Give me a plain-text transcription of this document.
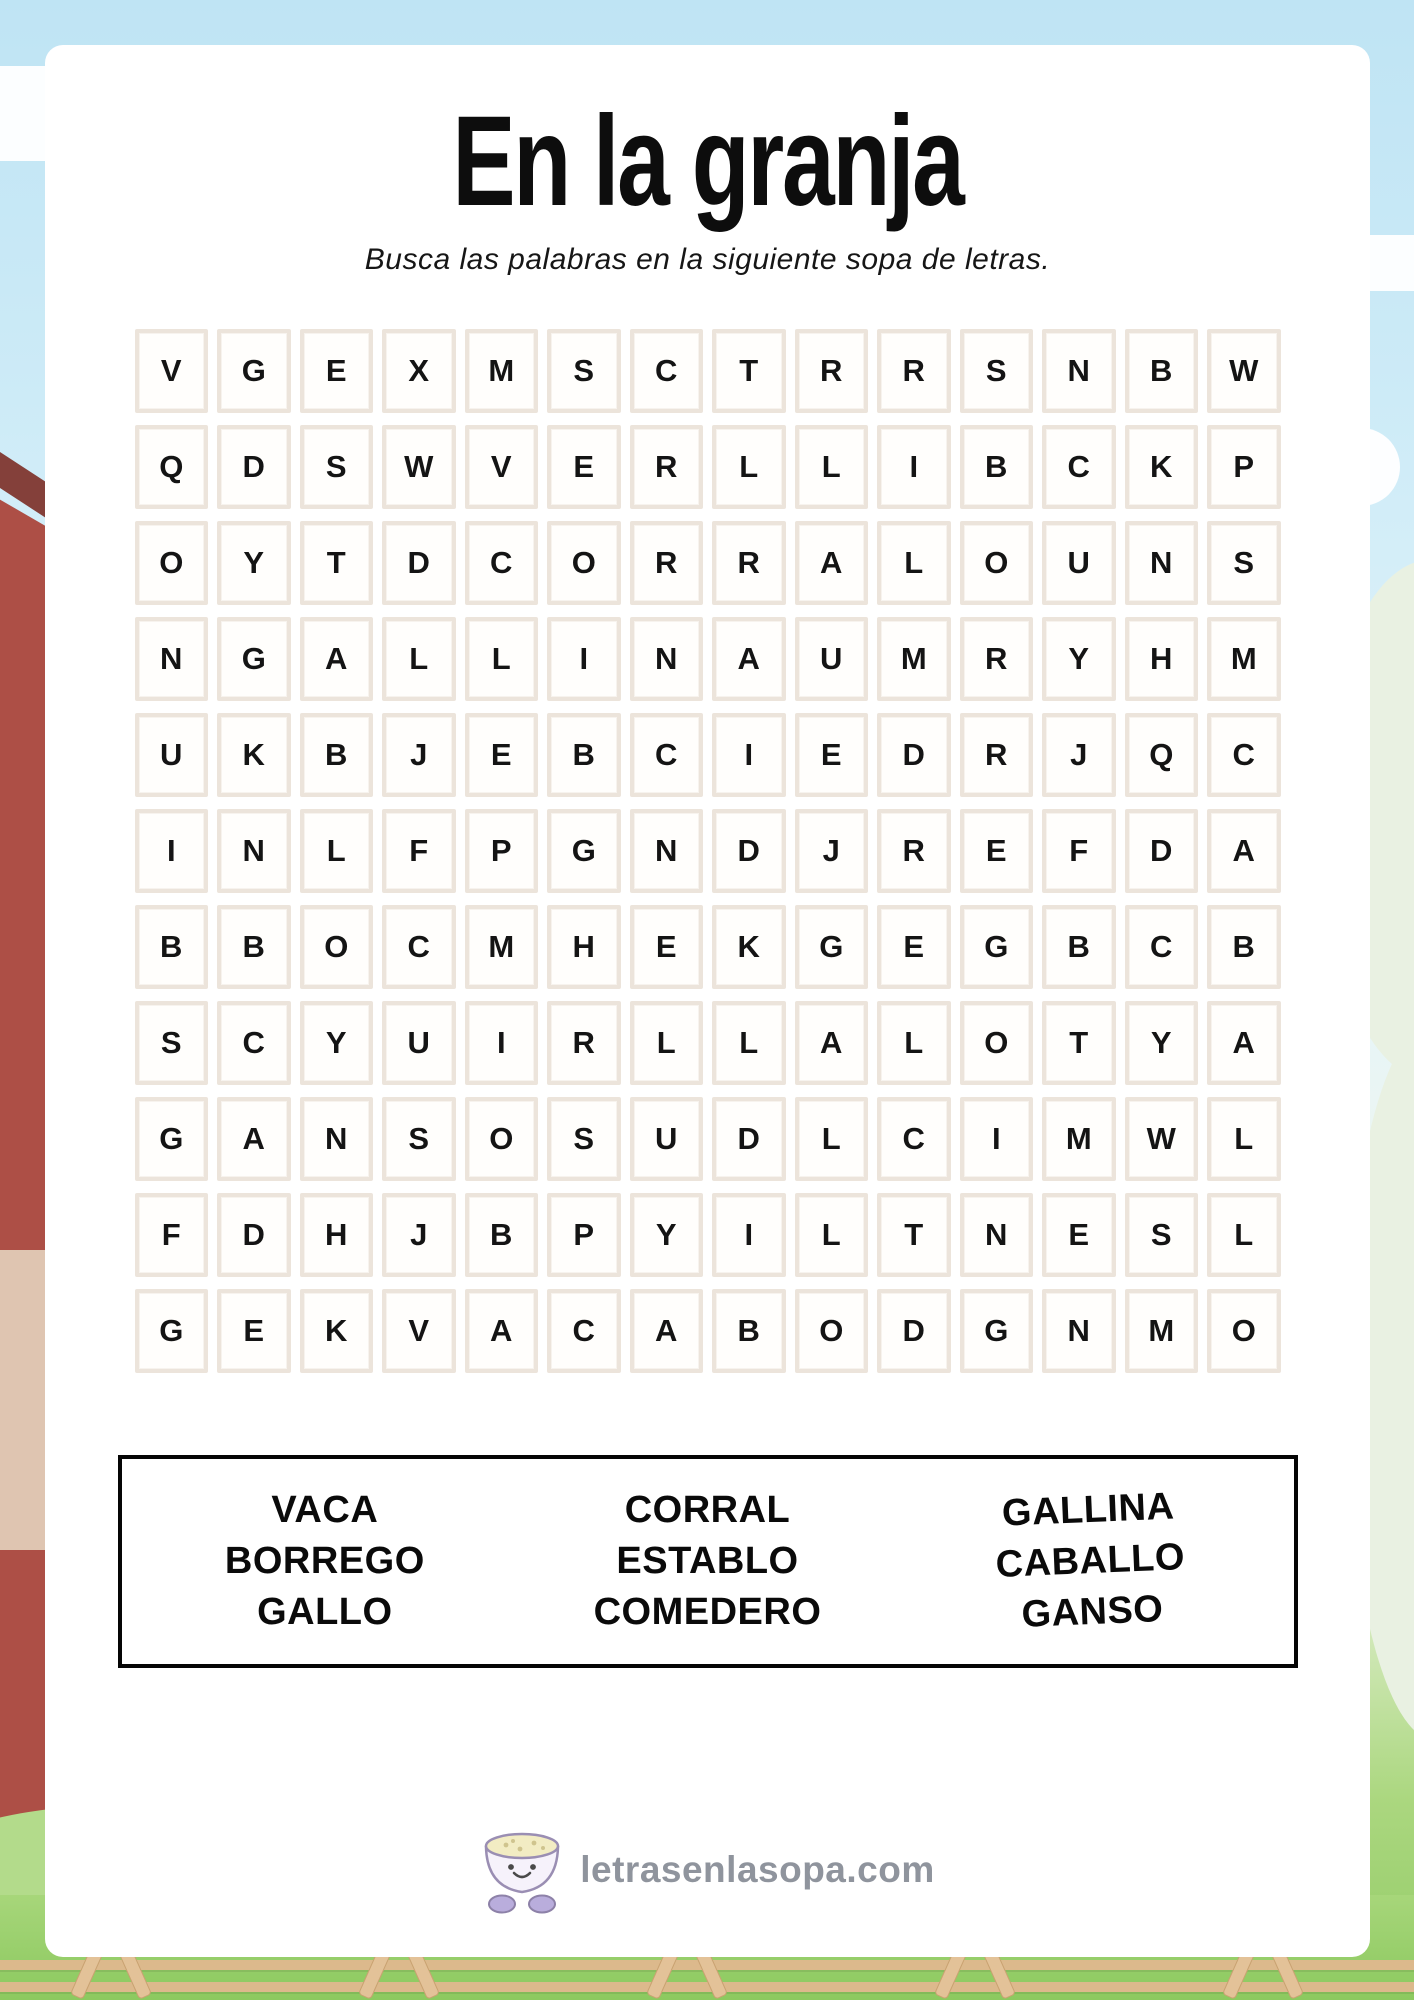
En la granja

Busca las palabras en la siguiente sopa de letras.

V	G	E	X	M	S	C	T	R	R	S	N	B	W
Q	D	S	W	V	E	R	L	L	I	B	C	K	P
O	Y	T	D	C	O	R	R	A	L	O	U	N	S
N	G	A	L	L	I	N	A	U	M	R	Y	H	M
U	K	B	J	E	B	C	I	E	D	R	J	Q	C
I	N	L	F	P	G	N	D	J	R	E	F	D	A
B	B	O	C	M	H	E	K	G	E	G	B	C	B
S	C	Y	U	I	R	L	L	A	L	O	T	Y	A
G	A	N	S	O	S	U	D	L	C	I	M	W	L
F	D	H	J	B	P	Y	I	L	T	N	E	S	L
G	E	K	V	A	C	A	B	O	D	G	N	M	O
VACA
BORREGO
GALLO
CORRAL
ESTABLO
COMEDERO
GALLINA
CABALLO
GANSO
letrasenlasopa.com
